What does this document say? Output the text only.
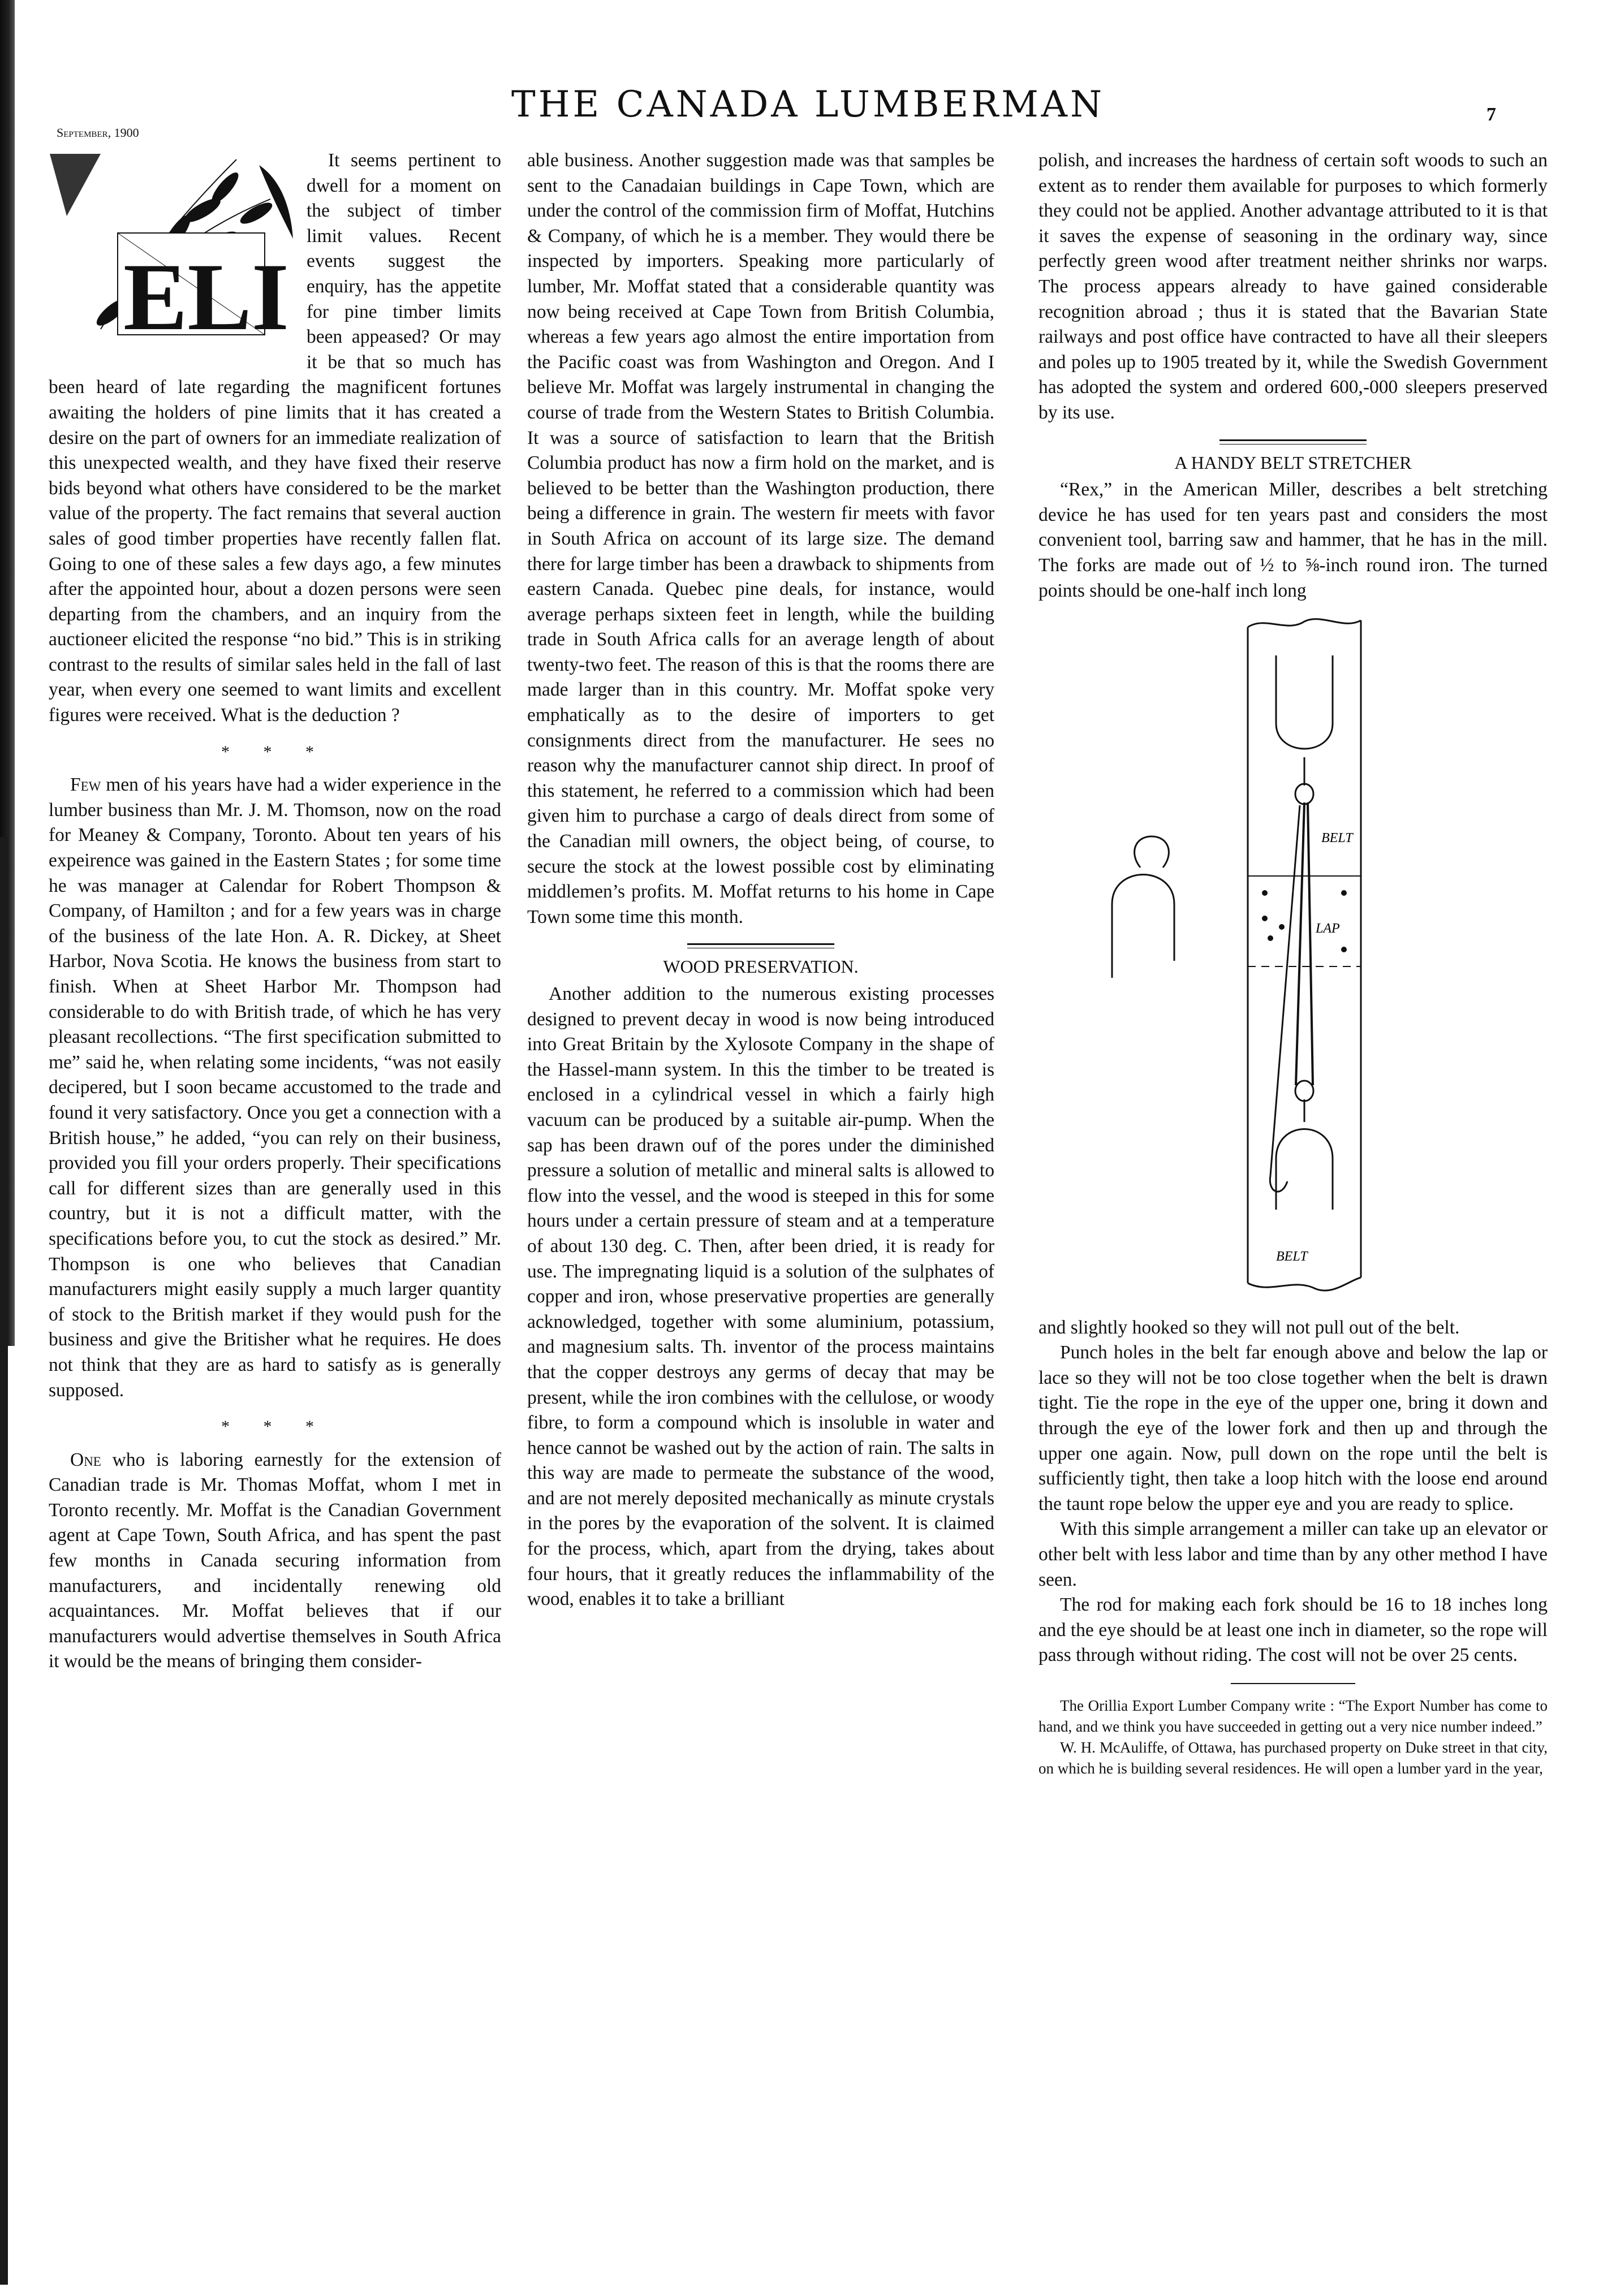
THE CANADA LUMBERMAN
September, 1900
7
ELI

It seems pertinent to dwell for a moment on the subject of timber limit values. Recent events suggest the enquiry, has the appetite for pine timber limits been appeased? Or may it be that so much has been heard of late regarding the magnificent fortunes awaiting the holders of pine limits that it has created a desire on the part of owners for an immediate realization of this unexpected wealth, and they have fixed their reserve bids beyond what others have considered to be the market value of the property. The fact remains that several auction sales of good timber properties have recently fallen flat. Going to one of these sales a few days ago, a few minutes after the appointed hour, about a dozen persons were seen departing from the chambers, and an inquiry from the auctioneer elicited the response “no bid.” This is in striking contrast to the results of similar sales held in the fall of last year, when every one seemed to want limits and excellent figures were received. What is the deduction ?

* * *

Few men of his years have had a wider experience in the lumber business than Mr. J. M. Thomson, now on the road for Meaney & Company, Toronto. About ten years of his expeirence was gained in the Eastern States ; for some time he was manager at Calendar for Robert Thompson & Company, of Hamilton ; and for a few years was in charge of the business of the late Hon. A. R. Dickey, at Sheet Harbor, Nova Scotia. He knows the business from start to finish. When at Sheet Harbor Mr. Thompson had considerable to do with British trade, of which he has very pleasant recollections. “The first specification submitted to me” said he, when relating some incidents, “was not easily decipered, but I soon became accustomed to the trade and found it very satisfactory. Once you get a connection with a British house,” he added, “you can rely on their business, provided you fill your orders properly. Their specifications call for different sizes than are generally used in this country, but it is not a difficult matter, with the specifications before you, to cut the stock as desired.” Mr. Thompson is one who believes that Canadian manufacturers might easily supply a much larger quantity of stock to the British market if they would push for the business and give the Britisher what he requires. He does not think that they are as hard to satisfy as is generally supposed.

* * *

One who is laboring earnestly for the extension of Canadian trade is Mr. Thomas Moffat, whom I met in Toronto recently. Mr. Moffat is the Canadian Government agent at Cape Town, South Africa, and has spent the past few months in Canada securing information from manufacturers, and incidentally renewing old acquaintances. Mr. Moffat believes that if our manufacturers would advertise themselves in South Africa it would be the means of bringing them consider-

able business. Another suggestion made was that samples be sent to the Canadaian buildings in Cape Town, which are under the control of the commission firm of Moffat, Hutchins & Company, of which he is a member. They would there be inspected by importers. Speaking more particularly of lumber, Mr. Moffat stated that a considerable quantity was now being received at Cape Town from British Columbia, whereas a few years ago almost the entire importation from the Pacific coast was from Washington and Oregon. And I believe Mr. Moffat was largely instrumental in changing the course of trade from the Western States to British Columbia. It was a source of satisfaction to learn that the British Columbia product has now a firm hold on the market, and is believed to be better than the Washington production, there being a difference in grain. The western fir meets with favor in South Africa on account of its large size. The demand there for large timber has been a drawback to shipments from eastern Canada. Quebec pine deals, for instance, would average perhaps sixteen feet in length, while the building trade in South Africa calls for an average length of about twenty-two feet. The reason of this is that the rooms there are made larger than in this country. Mr. Moffat spoke very emphatically as to the desire of importers to get consignments direct from the manufacturer. He sees no reason why the manufacturer cannot ship direct. In proof of this statement, he referred to a commission which had been given him to purchase a cargo of deals direct from some of the Canadian mill owners, the object being, of course, to secure the stock at the lowest possible cost by eliminating middlemen’s profits. M. Moffat returns to his home in Cape Town some time this month.

WOOD PRESERVATION.

Another addition to the numerous existing processes designed to prevent decay in wood is now being introduced into Great Britain by the Xylosote Company in the shape of the Hassel-mann system. In this the timber to be treated is enclosed in a cylindrical vessel in which a fairly high vacuum can be produced by a suitable air-pump. When the sap has been drawn ouf of the pores under the diminished pressure a solution of metallic and mineral salts is allowed to flow into the vessel, and the wood is steeped in this for some hours under a certain pressure of steam and at a temperature of about 130 deg. C. Then, after been dried, it is ready for use. The impregnating liquid is a solution of the sulphates of copper and iron, whose preservative properties are generally acknowledged, together with some aluminium, potassium, and magnesium salts. Th. inventor of the process maintains that the copper destroys any germs of decay that may be present, while the iron combines with the cellulose, or woody fibre, to form a compound which is insoluble in water and hence cannot be washed out by the action of rain. The salts in this way are made to permeate the substance of the wood, and are not merely deposited mechanically as minute crystals in the pores by the evaporation of the solvent. It is claimed for the process, which, apart from the drying, takes about four hours, that it greatly reduces the inflammability of the wood, enables it to take a brilliant

polish, and increases the hardness of certain soft woods to such an extent as to render them available for purposes to which formerly they could not be applied. Another advantage attributed to it is that it saves the expense of seasoning in the ordinary way, since perfectly green wood after treatment neither shrinks nor warps. The process appears already to have gained considerable recognition abroad ; thus it is stated that the Bavarian State railways and post office have contracted to have all their sleepers and poles up to 1905 treated by it, while the Swedish Government has adopted the system and ordered 600,-000 sleepers preserved by its use.

A HANDY BELT STRETCHER

“Rex,” in the American Miller, describes a belt stretching device he has used for ten years past and considers the most convenient tool, barring saw and hammer, that he has in the mill. The forks are made out of ½ to ⅝-inch round iron. The turned points should be one-half inch long

BELT
LAP
BELT

and slightly hooked so they will not pull out of the belt.

Punch holes in the belt far enough above and below the lap or lace so they will not be too close together when the belt is drawn tight. Tie the rope in the eye of the upper one, bring it down and through the eye of the lower fork and then up and through the upper one again. Now, pull down on the rope until the belt is sufficiently tight, then take a loop hitch with the loose end around the taunt rope below the upper eye and you are ready to splice.

With this simple arrangement a miller can take up an elevator or other belt with less labor and time than by any other method I have seen.

The rod for making each fork should be 16 to 18 inches long and the eye should be at least one inch in diameter, so the rope will pass through without riding. The cost will not be over 25 cents.

The Orillia Export Lumber Company write : “The Export Number has come to hand, and we think you have succeeded in getting out a very nice number indeed.”

W. H. McAuliffe, of Ottawa, has purchased property on Duke street in that city, on which he is building several residences. He will open a lumber yard in the year,
